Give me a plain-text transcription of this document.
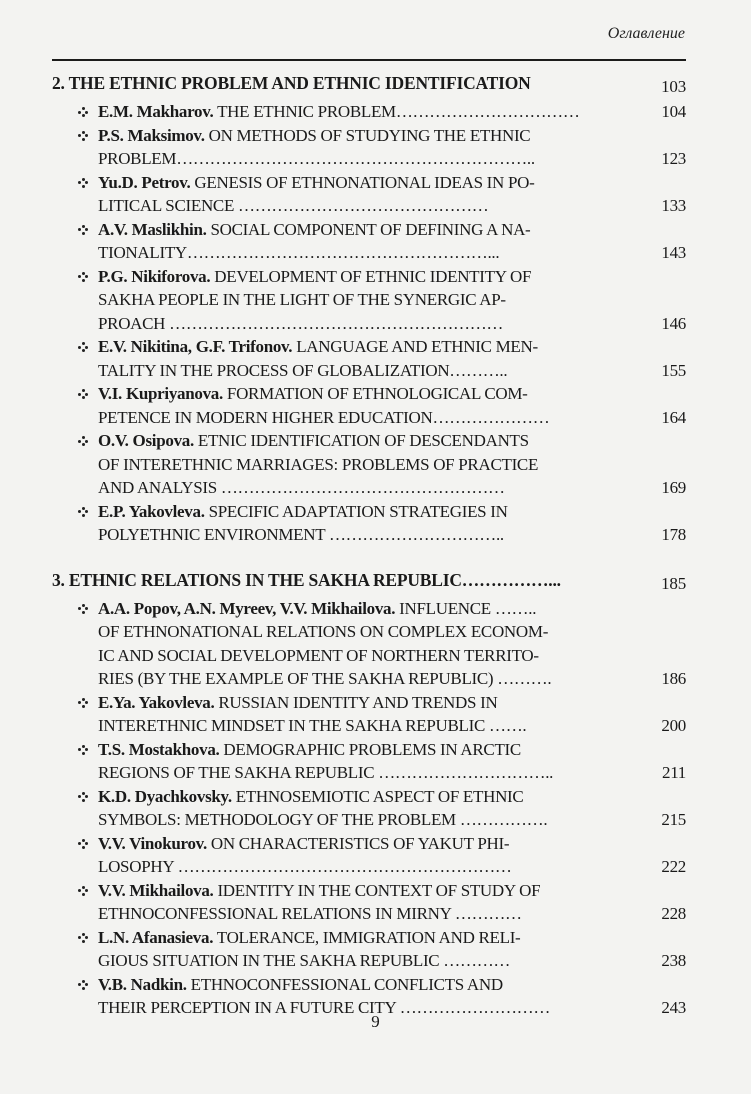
Оглавление
2. THE ETHNIC PROBLEM AND ETHNIC IDENTIFICATION	103
E.M. Makharov. THE ETHNIC PROBLEM……………………………	104
P.S. Maksimov. ON METHODS OF STUDYING THE ETHNIC
PROBLEM………………………………………………………..	123
Yu.D. Petrov. GENESIS OF ETHNONATIONAL IDEAS IN PO-
LITICAL SCIENCE ………………………………………	133
A.V. Maslikhin. SOCIAL COMPONENT OF DEFINING A NA-
TIONALITY………………………………………………...	143
P.G. Nikiforova. DEVELOPMENT OF ETHNIC IDENTITY OF
SAKHA PEOPLE IN THE LIGHT OF THE SYNERGIC AP-
PROACH ……………………………………………………	146
E.V. Nikitina, G.F. Trifonov. LANGUAGE AND ETHNIC MEN-
TALITY IN THE PROCESS OF GLOBALIZATION………..	155
V.I. Kupriyanova. FORMATION OF ETHNOLOGICAL COM-
PETENCE IN MODERN HIGHER EDUCATION…………………	164
O.V. Osipova. ETNIC IDENTIFICATION OF DESCENDANTS
OF INTERETHNIC MARRIAGES: PROBLEMS OF PRACTICE
AND ANALYSIS ……………………………………………	169
E.P. Yakovleva. SPECIFIC ADAPTATION STRATEGIES IN
POLYETHNIC ENVIRONMENT …………………………..	178
3. ETHNIC RELATIONS IN THE SAKHA REPUBLIC……………...	185
A.A. Popov, A.N. Myreev, V.V. Mikhailova. INFLUENCE ……..
OF ETHNONATIONAL RELATIONS ON COMPLEX ECONOM-
IC AND SOCIAL DEVELOPMENT OF NORTHERN TERRITO-
RIES (BY THE EXAMPLE OF THE SAKHA REPUBLIC) ……….	186
E.Ya. Yakovleva. RUSSIAN IDENTITY AND TRENDS IN
INTERETHNIC MINDSET IN THE SAKHA REPUBLIC …….	200
T.S. Mostakhova. DEMOGRAPHIC PROBLEMS IN ARCTIC
REGIONS OF THE SAKHA REPUBLIC …………………………..	211
K.D. Dyachkovsky. ETHNOSEMIOTIC ASPECT OF ETHNIC
SYMBOLS: METHODOLOGY OF THE PROBLEM …………….	215
V.V. Vinokurov. ON CHARACTERISTICS OF YAKUT PHI-
LOSOPHY ……………………………………………………	222
V.V. Mikhailova. IDENTITY IN THE CONTEXT OF STUDY OF
ETHNOCONFESSIONAL RELATIONS IN MIRNY …………	228
L.N. Afanasieva. TOLERANCE, IMMIGRATION AND RELI-
GIOUS SITUATION IN THE SAKHA REPUBLIC …………	238
V.B. Nadkin. ETHNOCONFESSIONAL CONFLICTS AND
THEIR PERCEPTION IN A FUTURE CITY ………………………	243
9
